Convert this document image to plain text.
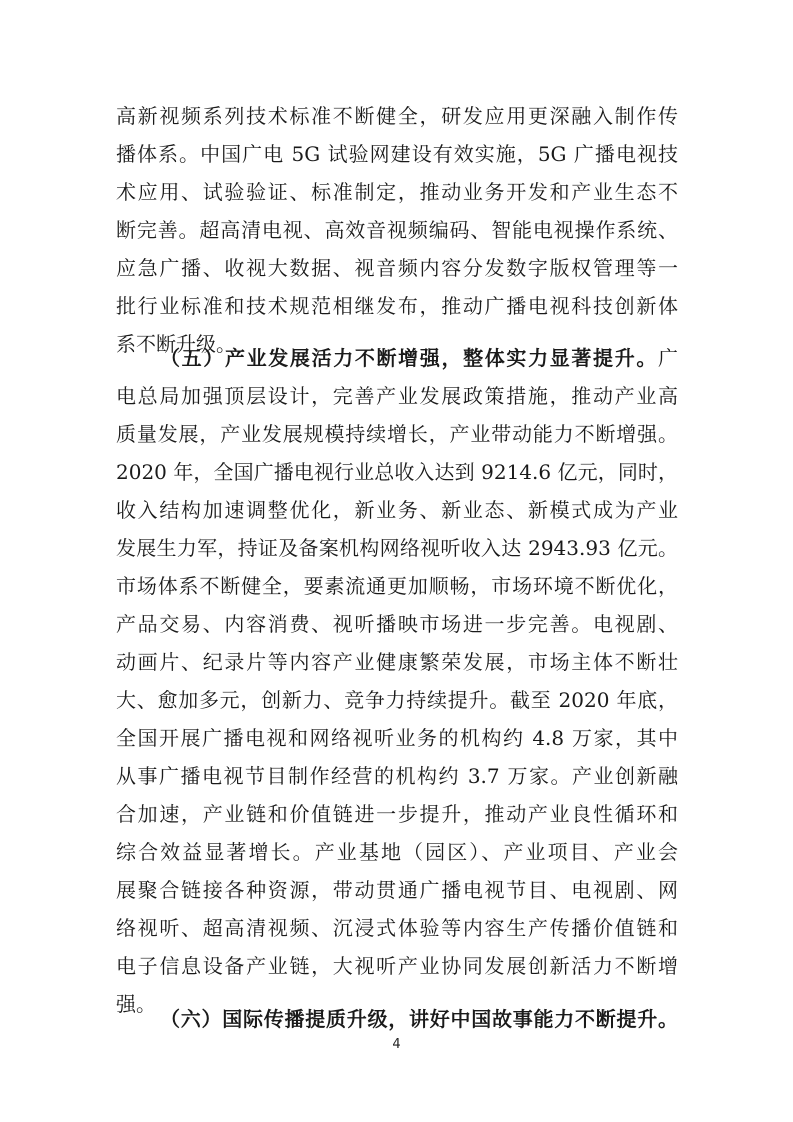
高新视频系列技术标准不断健全，研发应用更深融入制作传
播体系。中国广电 5G 试验网建设有效实施，5G 广播电视技
术应用、试验验证、标准制定，推动业务开发和产业生态不
断完善。超高清电视、高效音视频编码、智能电视操作系统、
应急广播、收视大数据、视音频内容分发数字版权管理等一
批行业标准和技术规范相继发布，推动广播电视科技创新体
系不断升级。
（五）产业发展活力不断增强，整体实力显著提升。广
电总局加强顶层设计，完善产业发展政策措施，推动产业高
质量发展，产业发展规模持续增长，产业带动能力不断增强。
2020 年，全国广播电视行业总收入达到 9214.6 亿元，同时，
收入结构加速调整优化，新业务、新业态、新模式成为产业
发展生力军，持证及备案机构网络视听收入达 2943.93 亿元。
市场体系不断健全，要素流通更加顺畅，市场环境不断优化，
产品交易、内容消费、视听播映市场进一步完善。电视剧、
动画片、纪录片等内容产业健康繁荣发展，市场主体不断壮
大、愈加多元，创新力、竞争力持续提升。截至 2020 年底，
全国开展广播电视和网络视听业务的机构约 4.8 万家，其中
从事广播电视节目制作经营的机构约 3.7 万家。产业创新融
合加速，产业链和价值链进一步提升，推动产业良性循环和
综合效益显著增长。产业基地（园区）、产业项目、产业会
展聚合链接各种资源，带动贯通广播电视节目、电视剧、网
络视听、超高清视频、沉浸式体验等内容生产传播价值链和
电子信息设备产业链，大视听产业协同发展创新活力不断增
强。
（六）国际传播提质升级，讲好中国故事能力不断提升。
4
